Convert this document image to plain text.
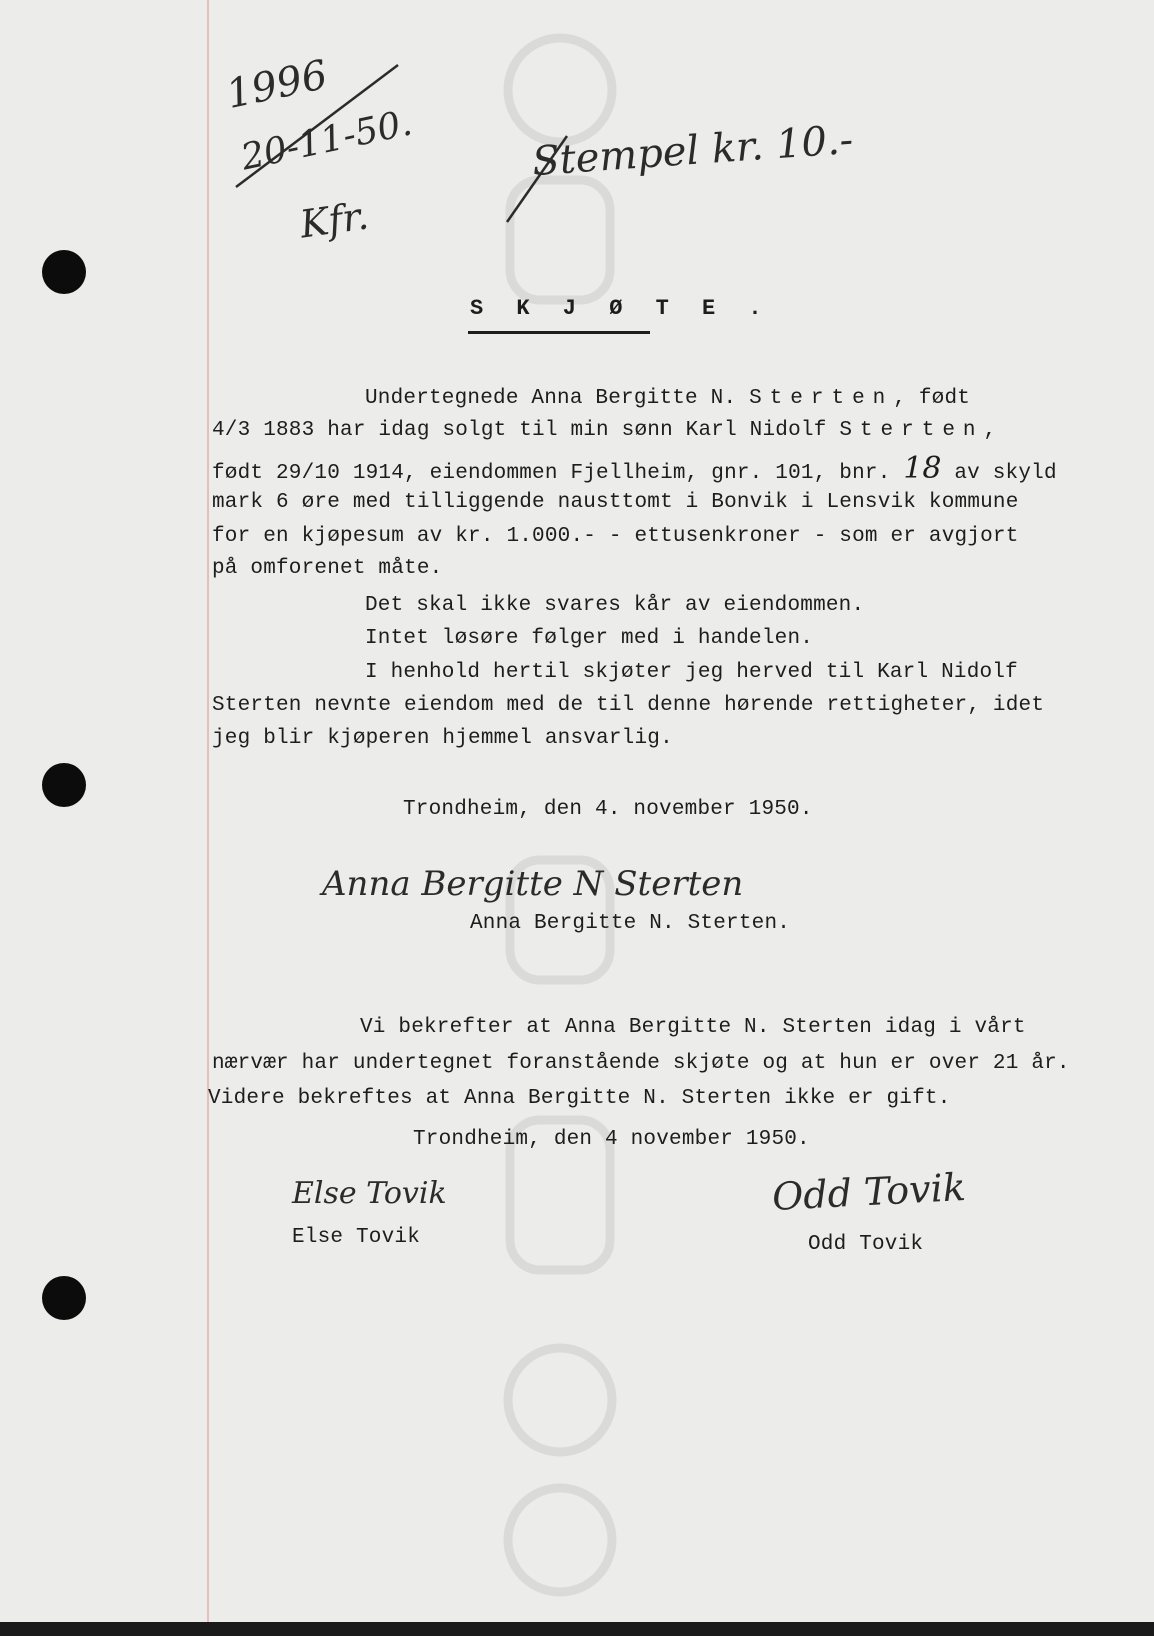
1996
20-11-50.
Kfr.
Stempel kr. 10.-
S K J Ø T E .
Undertegnede Anna Bergitte N. Sterten, født
4/3 1883 har idag solgt til min sønn Karl Nidolf Sterten,
født 29/10 1914, eiendommen Fjellheim, gnr. 101, bnr. 18 av skyld
mark 6 øre med tilliggende nausttomt i Bonvik i Lensvik kommune
for en kjøpesum av kr. 1.000.- - ettusenkroner - som er avgjort
på omforenet måte.
Det skal ikke svares kår av eiendommen.
Intet løsøre følger med i handelen.
I henhold hertil skjøter jeg herved til Karl Nidolf
Sterten nevnte eiendom med de til denne hørende rettigheter, idet
jeg blir kjøperen hjemmel ansvarlig.
Trondheim, den 4. november 1950.
Anna Bergitte N Sterten
Anna Bergitte N. Sterten.
Vi bekrefter at Anna Bergitte N. Sterten idag i vårt
nærvær har undertegnet foranstående skjøte og at hun er over 21 år.
Videre bekreftes at Anna Bergitte N. Sterten ikke er gift.
Trondheim, den 4 november 1950.
Else Tovik
Else Tovik
Odd Tovik
Odd Tovik
